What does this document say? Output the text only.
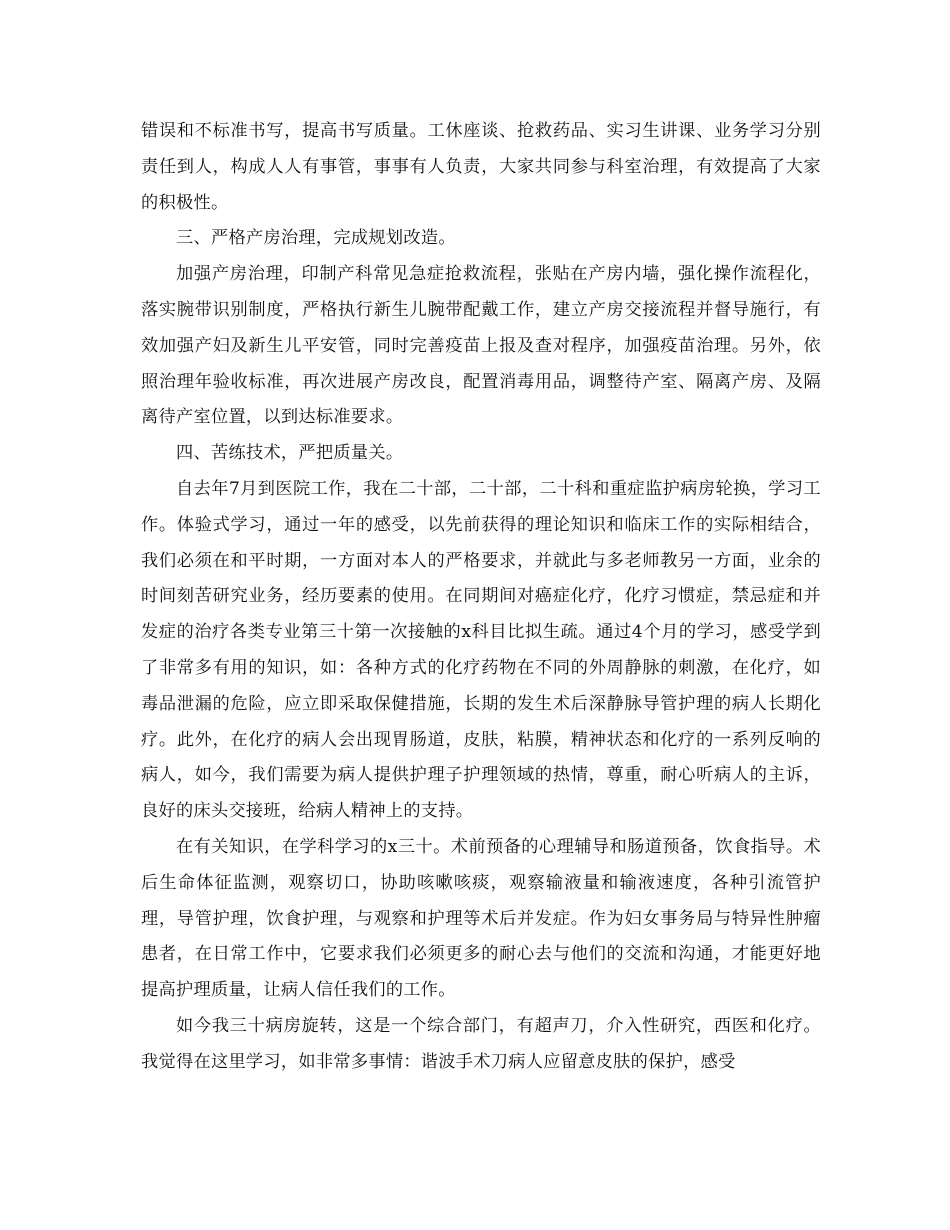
错误和不标准书写，提高书写质量。工休座谈、抢救药品、实习生讲课、业务学习分别责任到人，构成人人有事管，事事有人负责，大家共同参与科室治理，有效提高了大家的积极性。

三、严格产房治理，完成规划改造。

加强产房治理，印制产科常见急症抢救流程，张贴在产房内墙，强化操作流程化，落实腕带识别制度，严格执行新生儿腕带配戴工作，建立产房交接流程并督导施行，有效加强产妇及新生儿平安管，同时完善疫苗上报及查对程序，加强疫苗治理。另外，依照治理年验收标准，再次进展产房改良，配置消毒用品，调整待产室、隔离产房、及隔离待产室位置，以到达标准要求。

四、苦练技术，严把质量关。

自去年7月到医院工作，我在二十部，二十部，二十科和重症监护病房轮换，学习工作。体验式学习，通过一年的感受，以先前获得的理论知识和临床工作的实际相结合，我们必须在和平时期，一方面对本人的严格要求，并就此与多老师教另一方面，业余的时间刻苦研究业务，经历要素的使用。在同期间对癌症化疗，化疗习惯症，禁忌症和并发症的治疗各类专业第三十第一次接触的x科目比拟生疏。通过4个月的学习，感受学到了非常多有用的知识，如：各种方式的化疗药物在不同的外周静脉的刺激，在化疗，如毒品泄漏的危险，应立即采取保健措施，长期的发生术后深静脉导管护理的病人长期化疗。此外，在化疗的病人会出现胃肠道，皮肤，粘膜，精神状态和化疗的一系列反响的病人，如今，我们需要为病人提供护理子护理领域的热情，尊重，耐心听病人的主诉，良好的床头交接班，给病人精神上的支持。

在有关知识，在学科学习的x三十。术前预备的心理辅导和肠道预备，饮食指导。术后生命体征监测，观察切口，协助咳嗽咳痰，观察输液量和输液速度，各种引流管护理，导管护理，饮食护理，与观察和护理等术后并发症。作为妇女事务局与特异性肿瘤患者，在日常工作中，它要求我们必须更多的耐心去与他们的交流和沟通，才能更好地提高护理质量，让病人信任我们的工作。

如今我三十病房旋转，这是一个综合部门，有超声刀，介入性研究，西医和化疗。我觉得在这里学习，如非常多事情：谐波手术刀病人应留意皮肤的保护，感受
